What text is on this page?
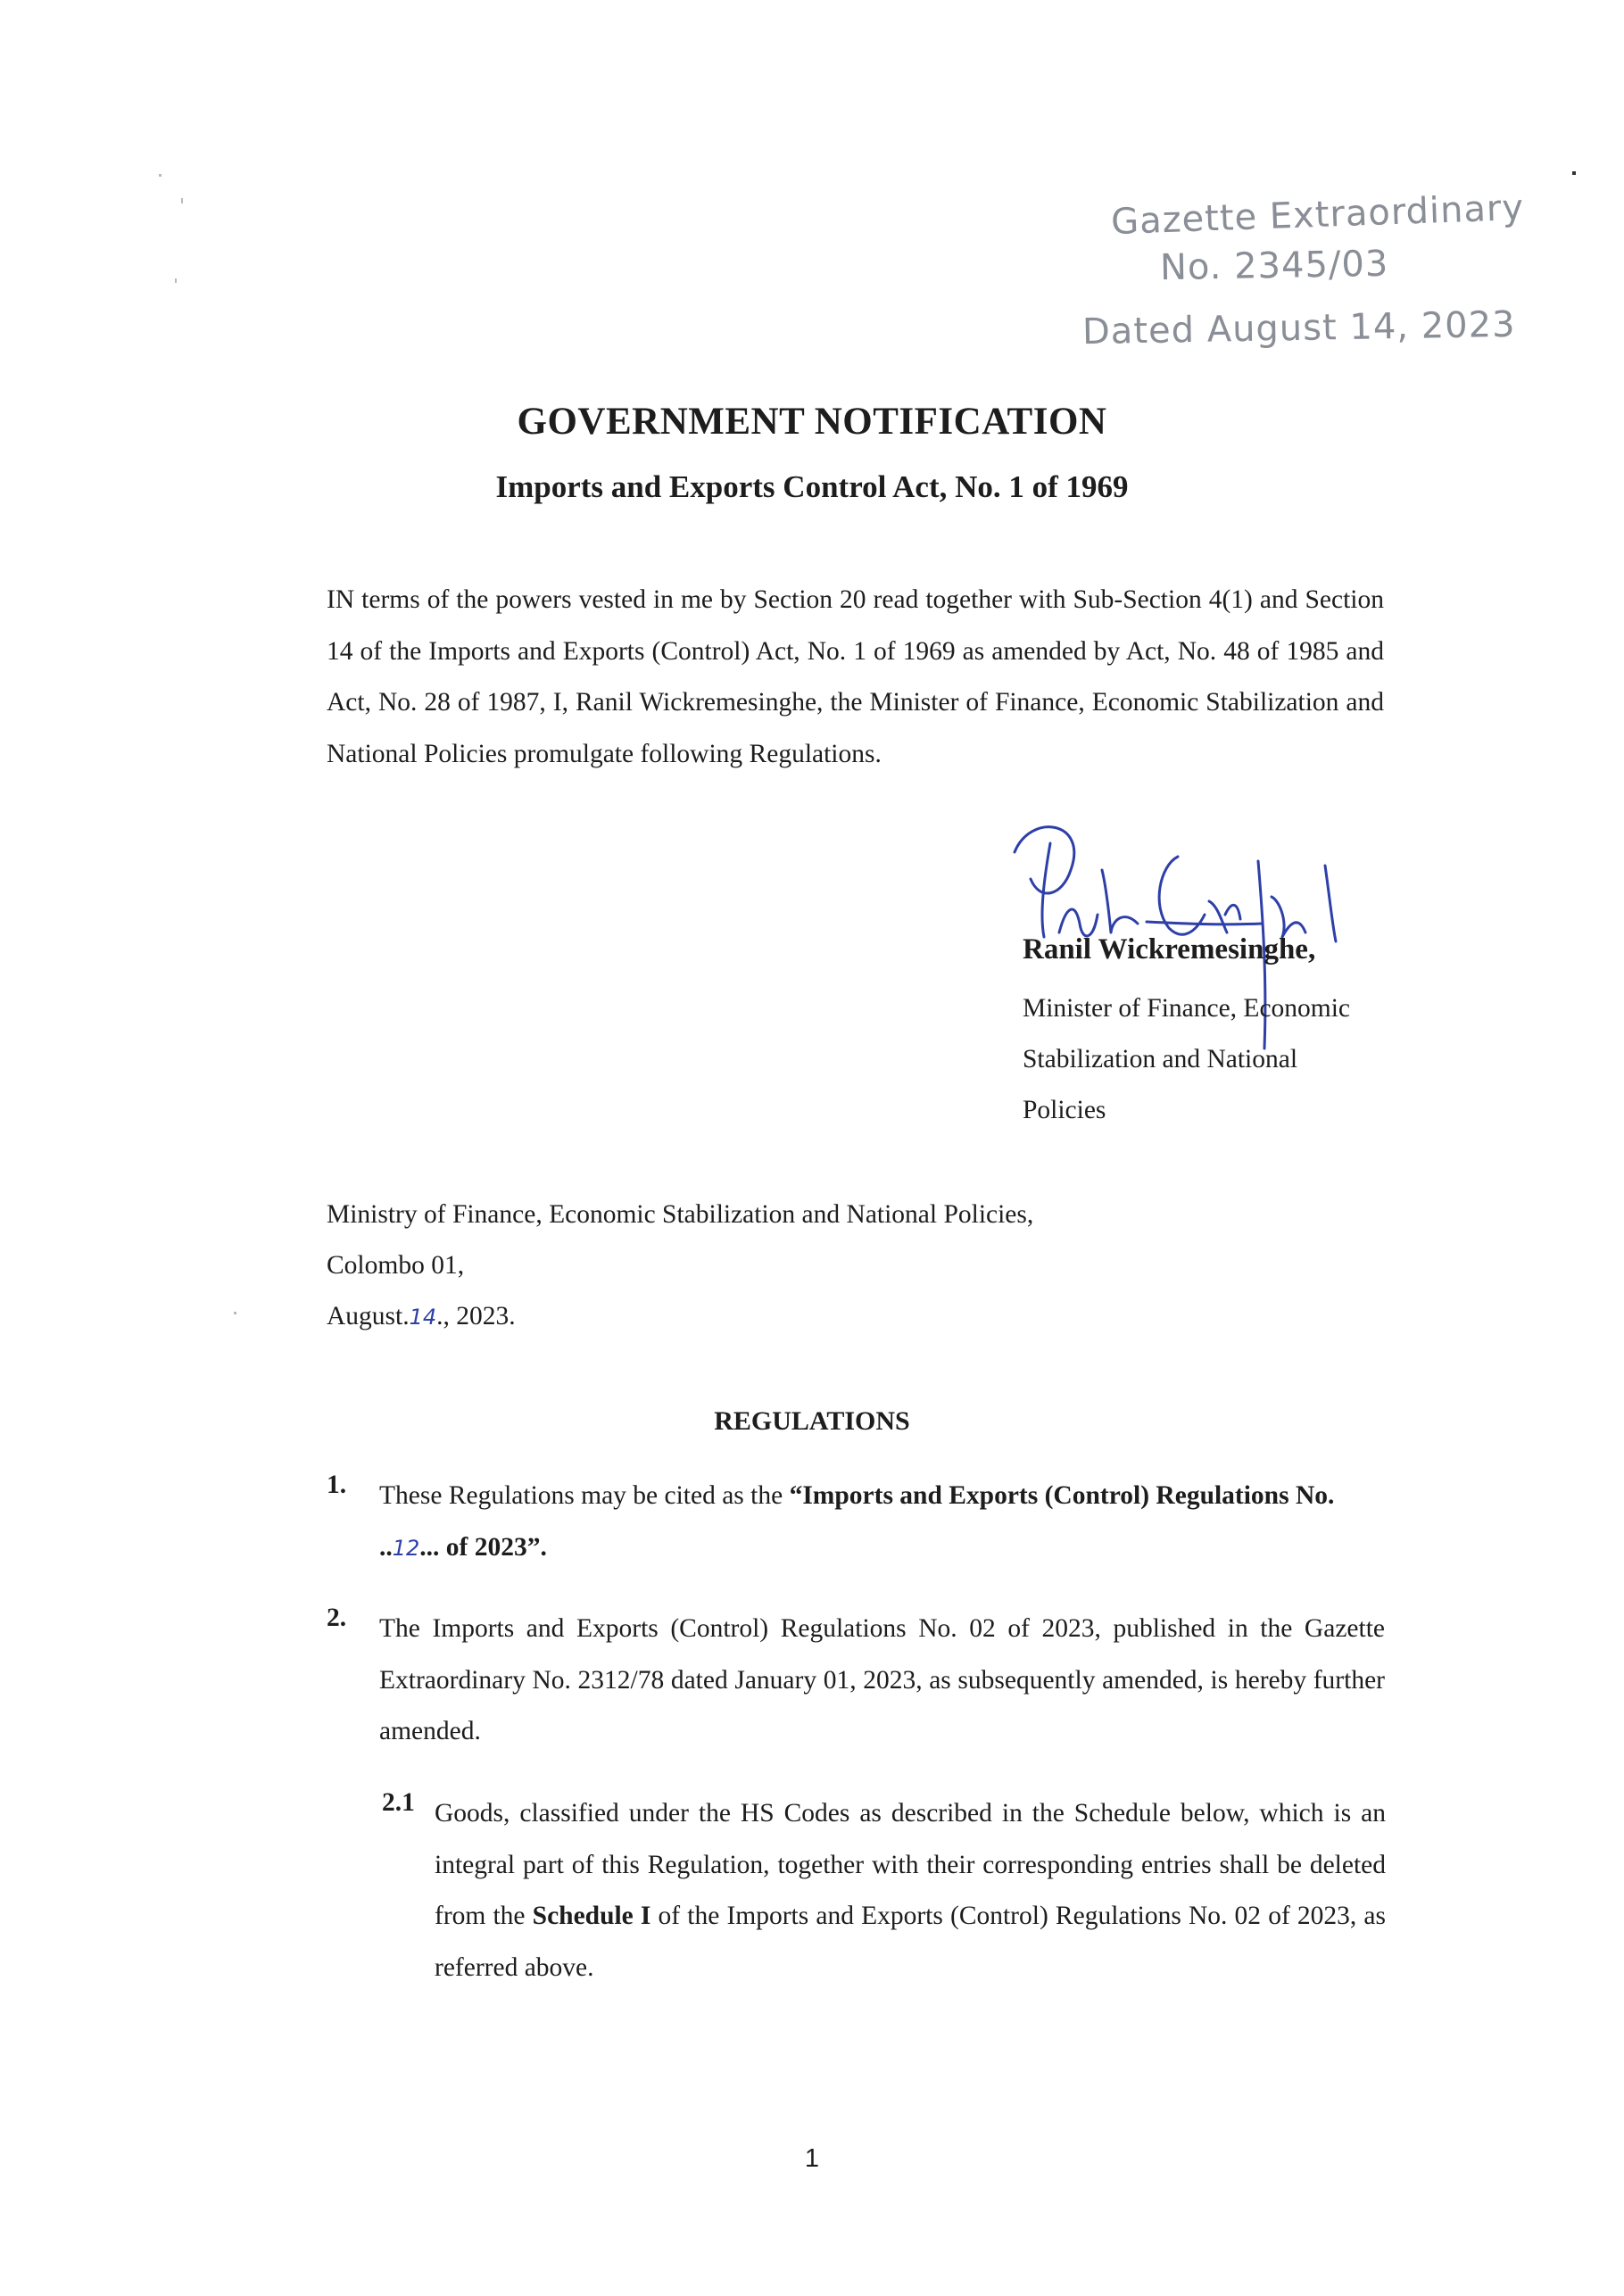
Gazette Extraordinary
No. 2345/03
Dated August 14, 2023
GOVERNMENT NOTIFICATION
Imports and Exports Control Act, No. 1 of 1969
IN terms of the powers vested in me by Section 20 read together with Sub-Section 4(1) and Section 14 of the Imports and Exports (Control) Act, No. 1 of 1969 as amended by Act, No. 48 of 1985 and Act, No. 28 of 1987, I, Ranil Wickremesinghe, the Minister of Finance, Economic Stabilization and National Policies promulgate following Regulations.
Ranil Wickremesinghe,
Minister of Finance, Economic
Stabilization and National
Policies
Ministry of Finance, Economic Stabilization and National Policies,
Colombo 01,
August.14., 2023.
REGULATIONS
1. These Regulations may be cited as the “Imports and Exports (Control) Regulations No.
..12... of 2023”.
2. The Imports and Exports (Control) Regulations No. 02 of 2023, published in the Gazette Extraordinary No. 2312/78 dated January 01, 2023, as subsequently amended, is hereby further amended.
2.1 Goods, classified under the HS Codes as described in the Schedule below, which is an integral part of this Regulation, together with their corresponding entries shall be deleted from the Schedule I of the Imports and Exports (Control) Regulations No. 02 of 2023, as referred above.
1
